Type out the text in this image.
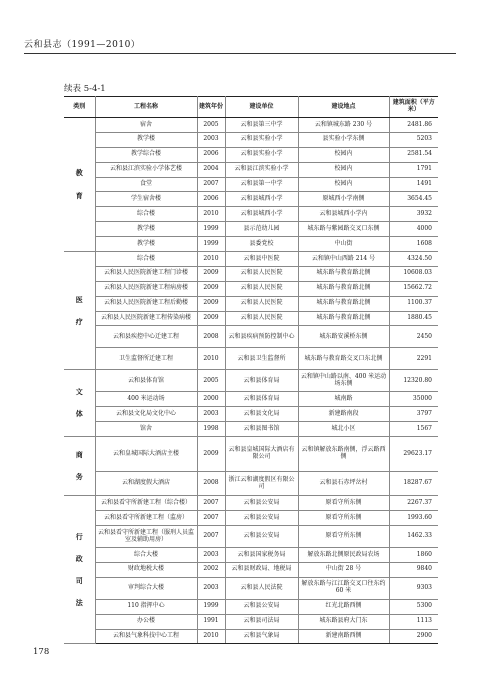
云和县志（1991—2010）
续表 5-4-1
类别	工程名称	建筑年份	建设单位	建设地点	建筑面积（平方米）

教
育	宿舍	2005	云和县第三中学	云和镇城东路 230 号	2481.86
	教学楼	2003	云和县实验小学	县实验小学东侧	5203
	教学综合楼	2006	云和县实验小学	校园内	2581.54
	云和县江滨实验小学体艺楼	2004	云和县江滨实验小学	校园内	1791
	食堂	2007	云和县第一中学	校园内	1491
	学生宿舍楼	2006	云和县城西小学	原城西小学南侧	3654.45
	综合楼	2010	云和县城西小学	云和县城西小学内	3932
	教学楼	1999	县示范幼儿园	城东路与紫园路交叉口东侧	4000
	教学楼	1999	县委党校	中山街	1608

医
疗	综合楼	2010	云和县中医院	云和镇中山西路 214 号	4324.50
	云和县人民医院新建工程门诊楼	2009	云和县人民医院	城东路与教育路北侧	10608.03
	云和县人民医院新建工程病房楼	2009	云和县人民医院	城东路与教育路北侧	15662.72
	云和县人民医院新建工程后勤楼	2009	云和县人民医院	城东路与教育路北侧	1100.37
	云和县人民医院新建工程传染病楼	2009	云和县人民医院	城东路与教育路北侧	1880.45
	云和县疾控中心迁建工程	2008	云和县疾病预防控制中心	城东路安溪桥东侧	2450
	卫生监督所迁建工程	2010	云和县卫生监督所	城东路与教育路交叉口东北侧	2291

文
体	云和县体育馆	2005	云和县体育局	云和镇中山路以南、400 米运动场东侧	12320.80
	400 米运动场	2000	云和县体育局	城南路	35000
	云和县文化局文化中心	2003	云和县文化局	新建路南段	3797
	馆舍	1998	云和县图书馆	城北小区	1567

商
务	云和皇城国际大酒店主楼	2009	云和县皇城国际大酒店有限公司	云和镇解放东路南侧，浮云路西侧	29623.17
	云和湖度假大酒店	2008	浙江云和湖度假区有限公司	云和县石赤坪岔村	18287.67

行
政
司
法	云和县看守所新建工程（综合楼）	2007	云和县公安局	原看守所东侧	2267.37
	云和县看守所新建工程（监房）	2007	云和县公安局	原看守所东侧	1993.60
	云和县看守所新建工程（服刑人员监室及辅助用房）	2007	云和县公安局	原看守所东侧	1462.33
	综合大楼	2003	云和县国家税务局	解放东路北侧原民政局农场	1860
	财政地税大楼	2002	云和县财政局、地税局	中山街 28 号	9840
	审判综合大楼	2003	云和县人民法院	解放东路与江江路交叉口往东约 60 米	9303
	110 指挥中心	1999	云和县公安局	红光北路西侧	5300
	办公楼	1991	云和县司法局	城东路县府大门东	1113
	云和县气象科技中心工程	2010	云和县气象局	新建南路西侧	2900
178
